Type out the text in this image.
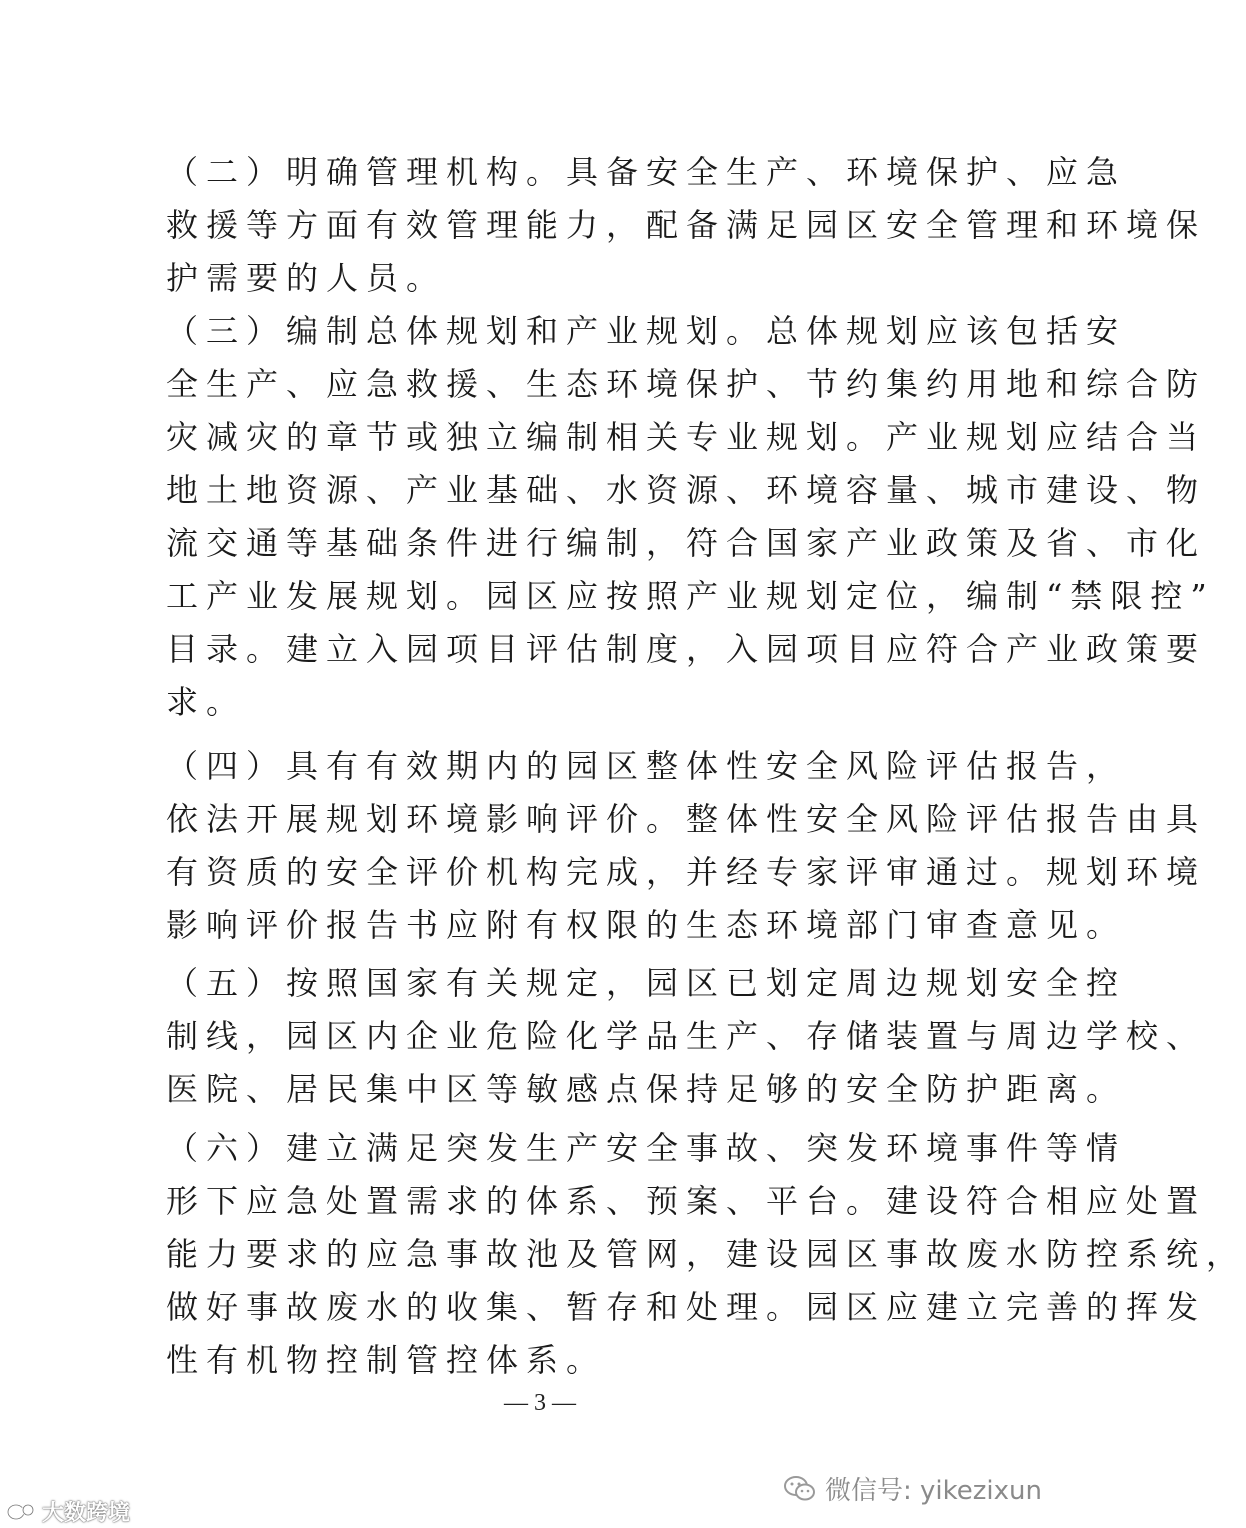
（二）明确管理机构。具备安全生产、环境保护、应急
救援等方面有效管理能力，配备满足园区安全管理和环境保
护需要的人员。
（三）编制总体规划和产业规划。总体规划应该包括安
全生产、应急救援、生态环境保护、节约集约用地和综合防
灾减灾的章节或独立编制相关专业规划。产业规划应结合当
地土地资源、产业基础、水资源、环境容量、城市建设、物
流交通等基础条件进行编制，符合国家产业政策及省、市化
工产业发展规划。园区应按照产业规划定位，编制“禁限控”
目录。建立入园项目评估制度，入园项目应符合产业政策要
求。
（四）具有有效期内的园区整体性安全风险评估报告，
依法开展规划环境影响评价。整体性安全风险评估报告由具
有资质的安全评价机构完成，并经专家评审通过。规划环境
影响评价报告书应附有权限的生态环境部门审查意见。
（五）按照国家有关规定，园区已划定周边规划安全控
制线，园区内企业危险化学品生产、存储装置与周边学校、
医院、居民集中区等敏感点保持足够的安全防护距离。
（六）建立满足突发生产安全事故、突发环境事件等情
形下应急处置需求的体系、预案、平台。建设符合相应处置
能力要求的应急事故池及管网，建设园区事故废水防控系统，
做好事故废水的收集、暂存和处理。园区应建立完善的挥发
性有机物控制管控体系。
— 3 —
微信号: yikezixun
大数跨境
